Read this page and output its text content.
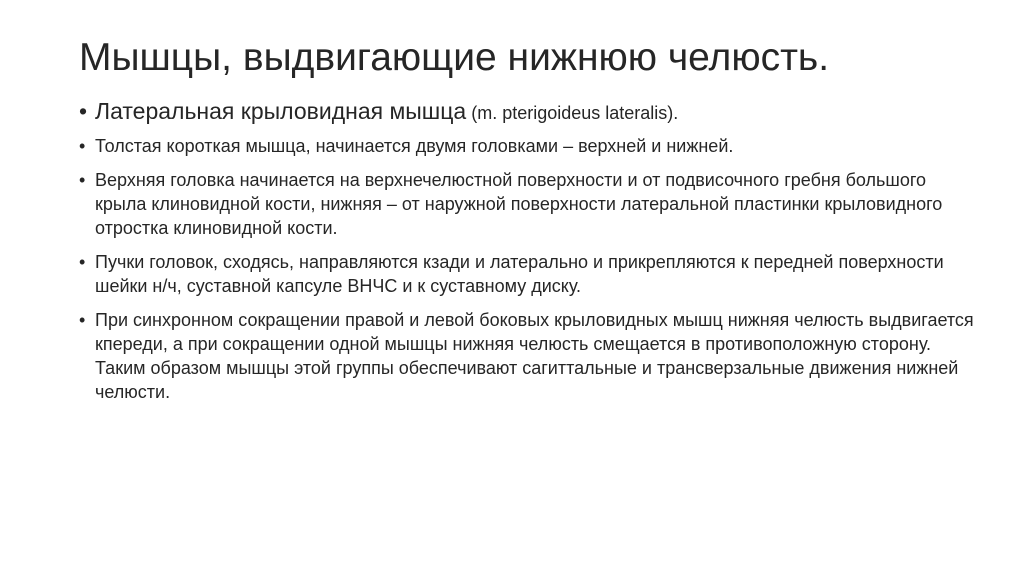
Мышцы, выдвигающие нижнюю челюсть.
• Латеральная крыловидная мышца (m. pterigoideus lateralis).
• Толстая короткая мышца, начинается двумя головками – верхней и нижней.
• Верхняя головка начинается на верхнечелюстной поверхности и от подвисочного гребня большого крыла клиновидной кости, нижняя – от наружной поверхности латеральной пластинки крыловидного отростка клиновидной кости.
• Пучки головок, сходясь, направляются кзади и латерально и прикрепляются к передней поверхности шейки н/ч, суставной капсуле ВНЧС и к суставному диску.
• При синхронном сокращении правой и левой боковых крыловидных мышц нижняя челюсть выдвигается кпереди, а при сокращении одной мышцы нижняя челюсть смещается в противоположную сторону. Таким образом мышцы этой группы обеспечивают сагиттальные и трансверзальные движения нижней челюсти.
